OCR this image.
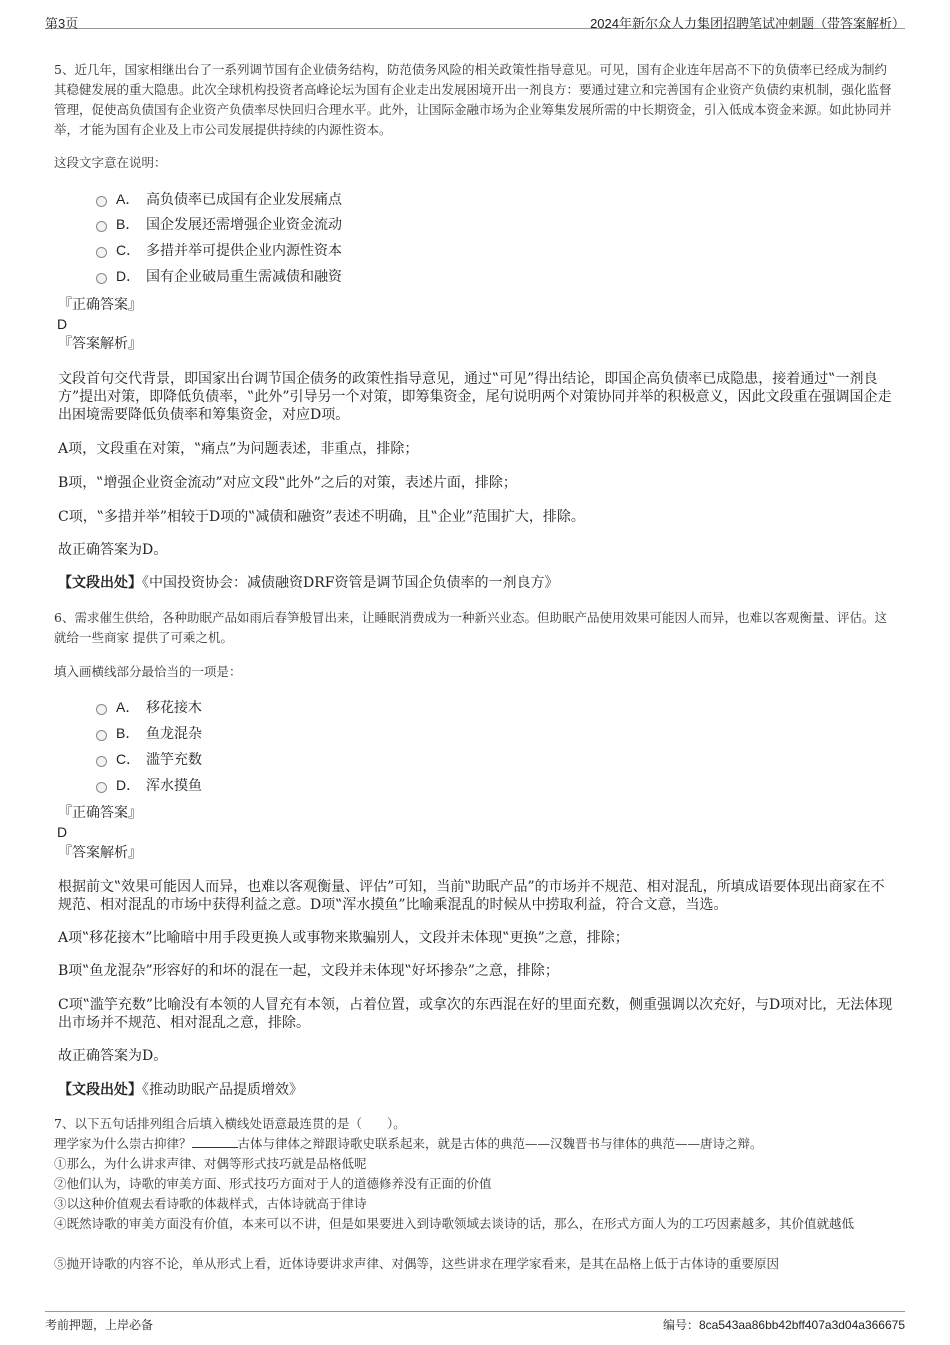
第3页	2024年新尔众人力集团招聘笔试冲刺题（带答案解析）

5、近几年，国家相继出台了一系列调节国有企业债务结构，防范债务风险的相关政策性指导意见。可见，国有企业连年居高不下的负债率已经成为制约其稳健发展的重大隐患。此次全球机构投资者高峰论坛为国有企业走出发展困境开出一剂良方：要通过建立和完善国有企业资产负债约束机制，强化监督管理，促使高负债国有企业资产负债率尽快回归合理水平。此外，让国际金融市场为企业筹集发展所需的中长期资金，引入低成本资金来源。如此协同并举，才能为国有企业及上市公司发展提供持续的内源性资本。

这段文字意在说明：

A． 高负债率已成国有企业发展痛点
B． 国企发展还需增强企业资金流动
C． 多措并举可提供企业内源性资本
D． 国有企业破局重生需减债和融资
『正确答案』
D
『答案解析』

文段首句交代背景，即国家出台调节国企债务的政策性指导意见，通过‟可见”得出结论，即国企高负债率已成隐患，接着通过‟一剂良方”提出对策，即降低负债率，‟此外”引导另一个对策，即筹集资金，尾句说明两个对策协同并举的积极意义，因此文段重在强调国企走出困境需要降低负债率和筹集资金，对应D项。

A项，文段重在对策，‟痛点”为问题表述，非重点，排除；

B项，‟增强企业资金流动”对应文段‟此外”之后的对策，表述片面，排除；

C项，‟多措并举”相较于D项的‟减债和融资”表述不明确，且‟企业”范围扩大，排除。

故正确答案为D。

【文段出处】《中国投资协会：减债融资DRF资管是调节国企负债率的一剂良方》

6、需求催生供给，各种助眠产品如雨后春笋般冒出来，让睡眠消费成为一种新兴业态。但助眠产品使用效果可能因人而异，也难以客观衡量、评估。这就给一些商家 提供了可乘之机。

填入画横线部分最恰当的一项是：

A． 移花接木
B． 鱼龙混杂
C． 滥竽充数
D． 浑水摸鱼
『正确答案』
D
『答案解析』

根据前文‟效果可能因人而异，也难以客观衡量、评估”可知，当前‟助眠产品”的市场并不规范、相对混乱，所填成语要体现出商家在不规范、相对混乱的市场中获得利益之意。D项‟浑水摸鱼”比喻乘混乱的时候从中捞取利益，符合文意，当选。

A项‟移花接木”比喻暗中用手段更换人或事物来欺骗别人，文段并未体现‟更换”之意，排除；

B项‟鱼龙混杂”形容好的和坏的混在一起，文段并未体现‟好坏掺杂”之意，排除；

C项‟滥竽充数”比喻没有本领的人冒充有本领，占着位置，或拿次的东西混在好的里面充数，侧重强调以次充好，与D项对比，无法体现出市场并不规范、相对混乱之意，排除。

故正确答案为D。

【文段出处】《推动助眠产品提质增效》

7、以下五句话排列组合后填入横线处语意最连贯的是（　　）。

理学家为什么崇古抑律？	古体与律体之辩跟诗歌史联系起来，就是古体的典范——汉魏晋书与律体的典范——唐诗之辩。

①那么，为什么讲求声律、对偶等形式技巧就是品格低呢

②他们认为，诗歌的审美方面、形式技巧方面对于人的道德修养没有正面的价值

③以这种价值观去看诗歌的体裁样式，古体诗就高于律诗

④既然诗歌的审美方面没有价值，本来可以不讲，但是如果要进入到诗歌领域去谈诗的话，那么，在形式方面人为的工巧因素越多，其价值就越低

⑤抛开诗歌的内容不论，单从形式上看，近体诗要讲求声律、对偶等，这些讲求在理学家看来，是其在品格上低于古体诗的重要原因

考前押题，上岸必备	编号：8ca543aa86bb42bff407a3d04a366675
